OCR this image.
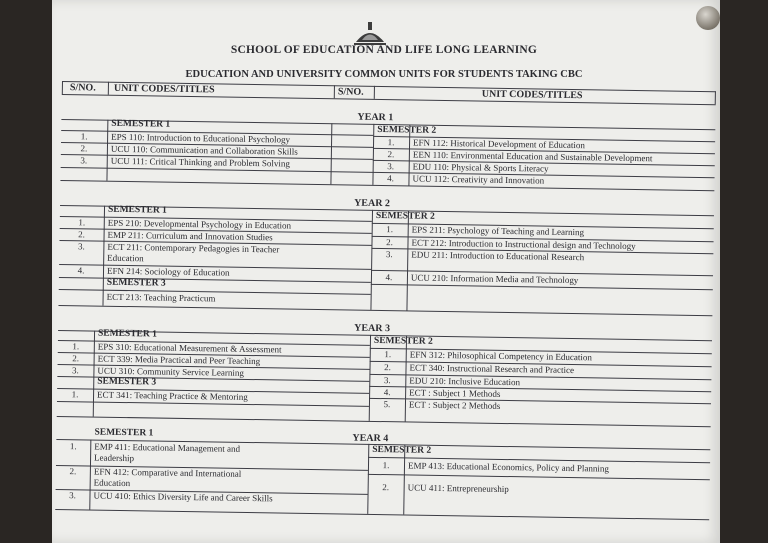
SCHOOL OF EDUCATION AND LIFE LONG LEARNING
EDUCATION AND UNIVERSITY COMMON UNITS FOR STUDENTS TAKING CBC
S/NO. UNIT CODES/TITLES	S/NO.	UNIT CODES/TITLES
YEAR 1
SEMESTER 1
1.	EPS 110: Introduction to Educational Psychology
2.	UCU 110: Communication and Collaboration Skills
3.	UCU 111: Critical Thinking and Problem Solving
SEMESTER 2
1.	EFN 112: Historical Development of Education
2.	EEN 110: Environmental Education and Sustainable Development
3.	EDU 110: Physical & Sports Literacy
4.	UCU 112: Creativity and Innovation
YEAR 2
SEMESTER 1
1.	EPS 210: Developmental Psychology in Education
2.	EMP 211: Curriculum and Innovation Studies
3.	ECT 211: Contemporary Pedagogies in Teacher
Education
4.	EFN 214: Sociology of Education
SEMESTER 3
ECT 213: Teaching Practicum
SEMESTER 2
1.	EPS 211: Psychology of Teaching and Learning
2.	ECT 212: Introduction to Instructional design and Technology
3.	EDU 211: Introduction to Educational Research
4.	UCU 210: Information Media and Technology
YEAR 3
SEMESTER 1
1.	EPS 310: Educational Measurement & Assessment
2.	ECT 339: Media Practical and Peer Teaching
3.	UCU 310: Community Service Learning
SEMESTER 3
1.	ECT 341: Teaching Practice & Mentoring
SEMESTER 2
1.	EFN 312: Philosophical Competency in Education
2.	ECT 340: Instructional Research and Practice
3.	EDU 210: Inclusive Education
4.	ECT : Subject 1 Methods
5.	ECT : Subject 2 Methods
YEAR 4
SEMESTER 1
1.	EMP 411: Educational Management and
Leadership
2.	EFN 412: Comparative and International
Education
3.	UCU 410: Ethics Diversity Life and Career Skills
SEMESTER 2
1.	EMP 413: Educational Economics, Policy and Planning
2.	UCU 411: Entrepreneurship
